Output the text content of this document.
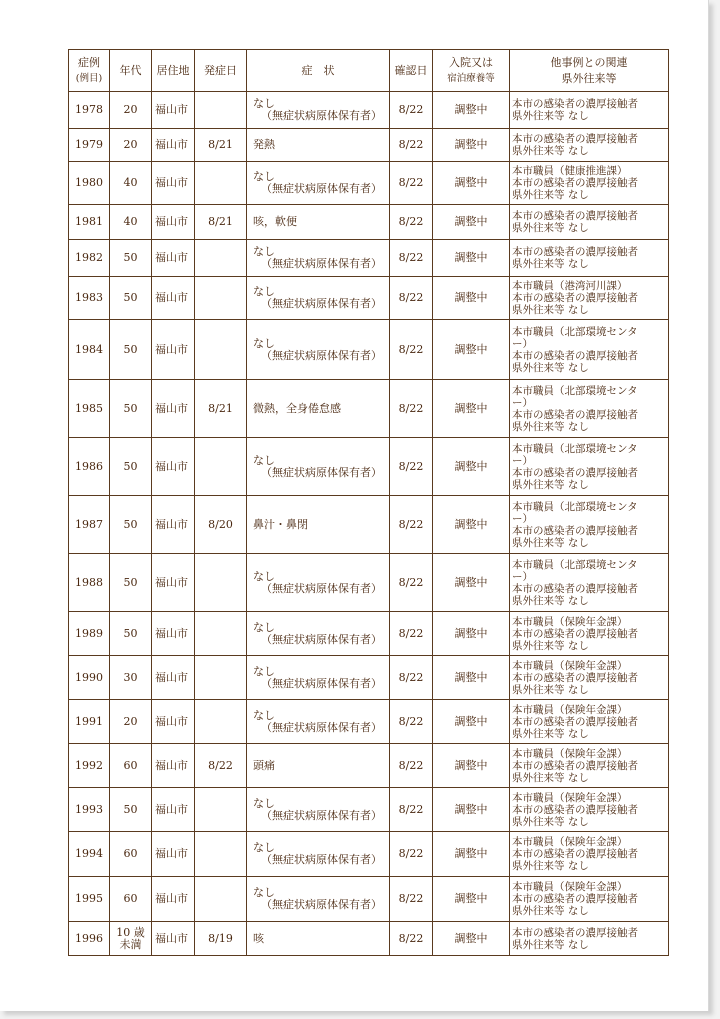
症例
(例目)	年代	居住地	発症日	症　状	確認日	入院又は
宿泊療養等	他事例との関連
県外往来等

1978	20	福山市		なし
（無症状病原体保有者）	8/22	調整中	本市の感染者の濃厚接触者
県外往来等 なし

1979	20	福山市	8/21	発熱	8/22	調整中	本市の感染者の濃厚接触者
県外往来等 なし

1980	40	福山市		なし
（無症状病原体保有者）	8/22	調整中	本市職員（健康推進課）
本市の感染者の濃厚接触者
県外往来等 なし

1981	40	福山市	8/21	咳，軟便	8/22	調整中	本市の感染者の濃厚接触者
県外往来等 なし

1982	50	福山市		なし
（無症状病原体保有者）	8/22	調整中	本市の感染者の濃厚接触者
県外往来等 なし

1983	50	福山市		なし
（無症状病原体保有者）	8/22	調整中	本市職員（港湾河川課）
本市の感染者の濃厚接触者
県外往来等 なし

1984	50	福山市		なし
（無症状病原体保有者）	8/22	調整中	本市職員（北部環境センタ
ー）
本市の感染者の濃厚接触者
県外往来等 なし

1985	50	福山市	8/21	微熱，全身倦怠感	8/22	調整中	本市職員（北部環境センタ
ー）
本市の感染者の濃厚接触者
県外往来等 なし

1986	50	福山市		なし
（無症状病原体保有者）	8/22	調整中	本市職員（北部環境センタ
ー）
本市の感染者の濃厚接触者
県外往来等 なし

1987	50	福山市	8/20	鼻汁・鼻閉	8/22	調整中	本市職員（北部環境センタ
ー）
本市の感染者の濃厚接触者
県外往来等 なし

1988	50	福山市		なし
（無症状病原体保有者）	8/22	調整中	本市職員（北部環境センタ
ー）
本市の感染者の濃厚接触者
県外往来等 なし

1989	50	福山市		なし
（無症状病原体保有者）	8/22	調整中	本市職員（保険年金課）
本市の感染者の濃厚接触者
県外往来等 なし

1990	30	福山市		なし
（無症状病原体保有者）	8/22	調整中	本市職員（保険年金課）
本市の感染者の濃厚接触者
県外往来等 なし

1991	20	福山市		なし
（無症状病原体保有者）	8/22	調整中	本市職員（保険年金課）
本市の感染者の濃厚接触者
県外往来等 なし

1992	60	福山市	8/22	頭痛	8/22	調整中	本市職員（保険年金課）
本市の感染者の濃厚接触者
県外往来等 なし

1993	50	福山市		なし
（無症状病原体保有者）	8/22	調整中	本市職員（保険年金課）
本市の感染者の濃厚接触者
県外往来等 なし

1994	60	福山市		なし
（無症状病原体保有者）	8/22	調整中	本市職員（保険年金課）
本市の感染者の濃厚接触者
県外往来等 なし

1995	60	福山市		なし
（無症状病原体保有者）	8/22	調整中	本市職員（保険年金課）
本市の感染者の濃厚接触者
県外往来等 なし

1996	10 歳
未満	福山市	8/19	咳	8/22	調整中	本市の感染者の濃厚接触者
県外往来等 なし
